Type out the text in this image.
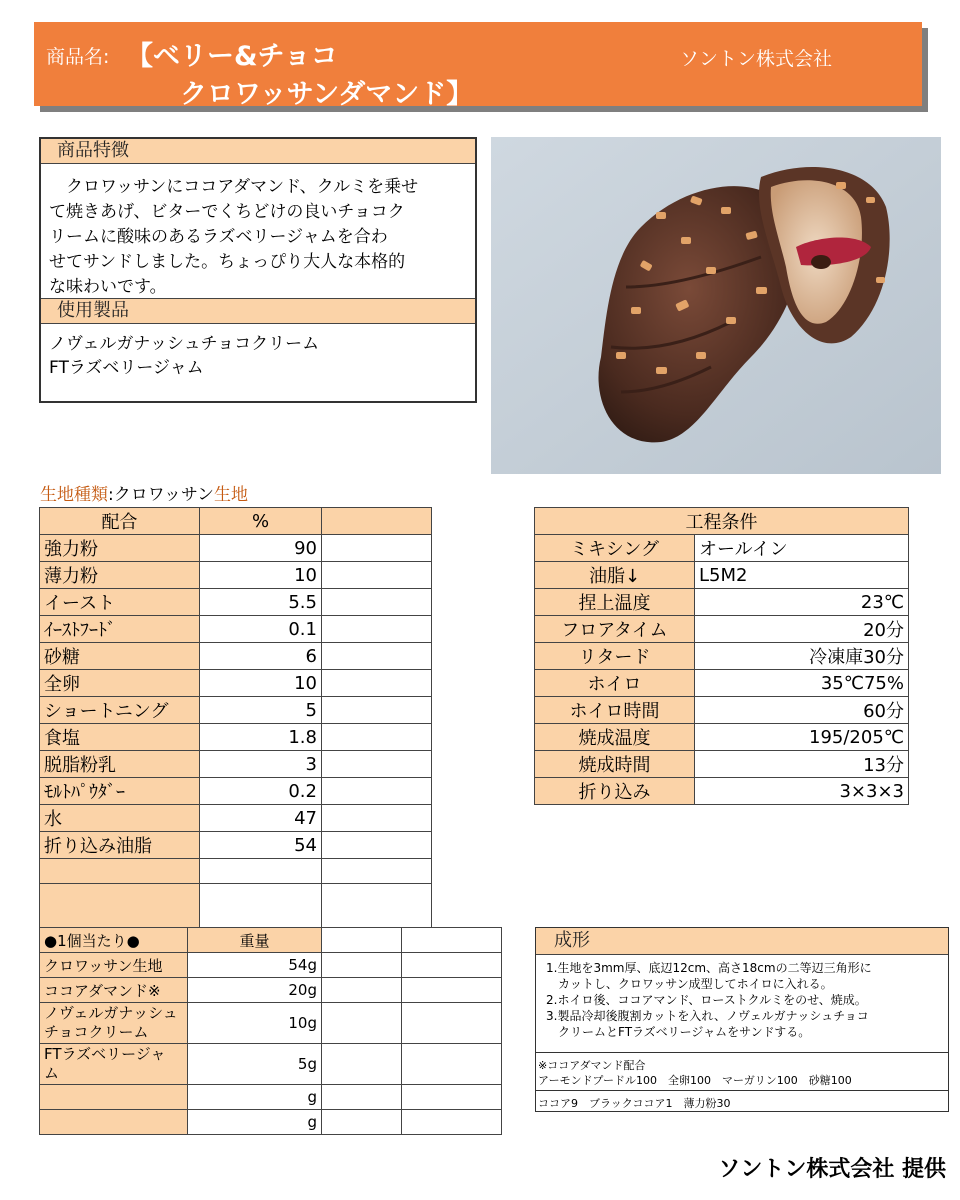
商品名: 【ベリー&チョコ
クロワッサンダマンド】
ソントン株式会社
商品特徴
　クロワッサンにココアダマンド、クルミを乗せ
て焼きあげ、ビターでくちどけの良いチョコク
リームに酸味のあるラズベリージャムを合わ
せてサンドしました。ちょっぴり大人な本格的
な味わいです。
使用製品
ノヴェルガナッシュチョコクリーム
FTラズベリージャム
生地種類:クロワッサン生地
配合	%	
強力粉	90	
薄力粉	10	
イースト	5.5	
ｲｰｽﾄﾌｰﾄﾞ	0.1	
砂糖	6	
全卵	10	
ショートニング	5	
食塩	1.8	
脱脂粉乳	3	
ﾓﾙﾄﾊﾟｳﾀﾞｰ	0.2	
水	47	
折り込み油脂	54	

工程条件	
ミキシング	オールイン
油脂↓	L5M2
捏上温度	23℃
フロアタイム	20分
リタード	冷凍庫30分
ホイロ	35℃75%
ホイロ時間	60分
焼成温度	195/205℃
焼成時間	13分
折り込み	3×3×3
●1個当たり●	重量		
クロワッサン生地	54g		
ココアダマンド※	20g		

ノヴェルガナッシュ
チョコクリーム	10g		

FTラズベリージャ
ム	5g		
	g		
	g		
成形
1.生地を3mm厚、底辺12cm、高さ18cmの二等辺三角形に
　カットし、クロワッサン成型してホイロに入れる。
2.ホイロ後、ココアマンド、ローストクルミをのせ、焼成。
3.製品冷却後腹割カットを入れ、ノヴェルガナッシュチョコ
　クリームとFTラズベリージャムをサンドする。
※ココアダマンド配合
アーモンドプードル100　全卵100　マーガリン100　砂糖100
ココア9　ブラックココア1　薄力粉30
ソントン株式会社 提供
